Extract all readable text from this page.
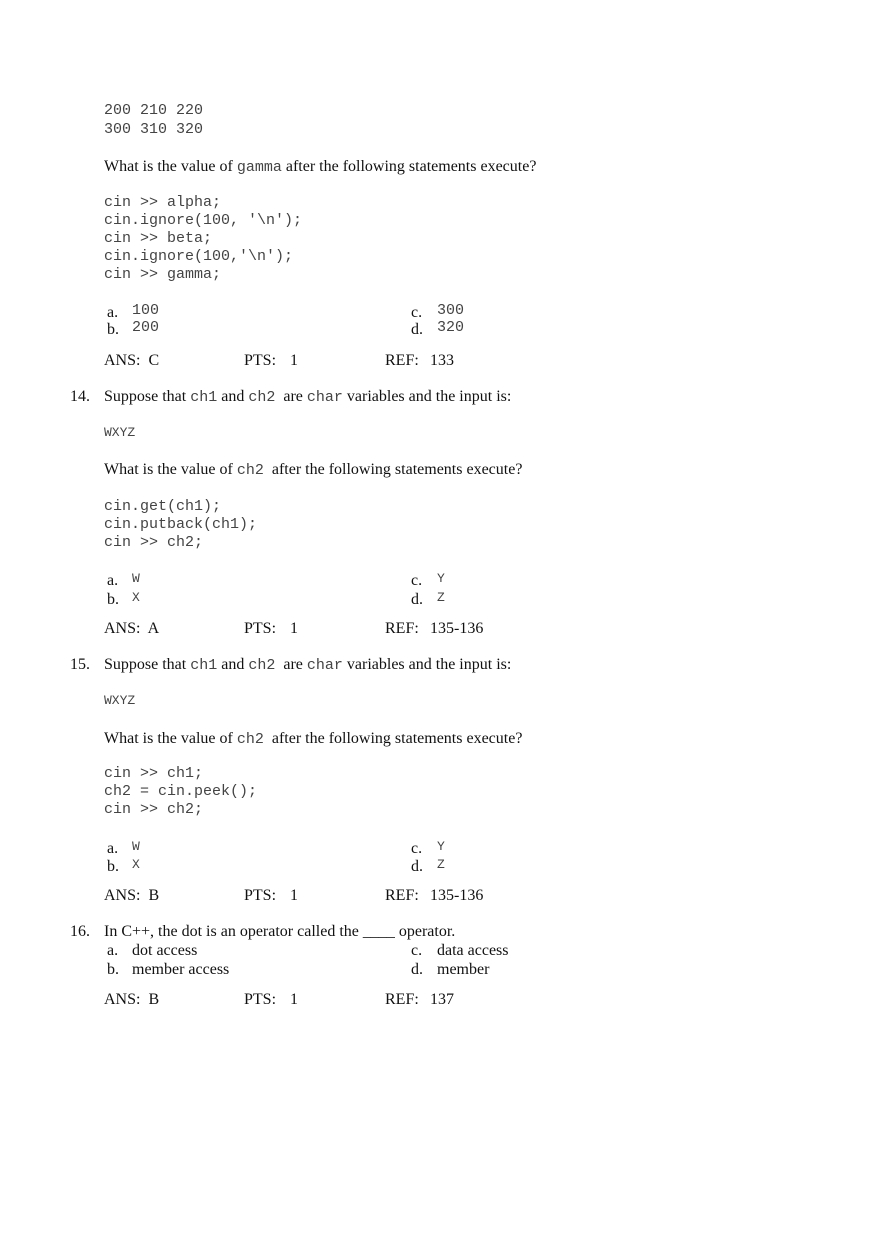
200 210 220
300 310 320
What is the value of gamma after the following statements execute?
cin >> alpha;
cin.ignore(100, '\n');
cin >> beta;
cin.ignore(100,'\n');
cin >> gamma;
a. 100
b. 200
c. 300
d. 320
ANS:  C	PTS: 1	REF: 133
14. Suppose that ch1 and ch2  are char variables and the input is:
WXYZ
What is the value of ch2  after the following statements execute?
cin.get(ch1);
cin.putback(ch1);
cin >> ch2;
a. W
b. X
c. Y
d. Z
ANS:  A	PTS: 1	REF: 135-136
15. Suppose that ch1 and ch2  are char variables and the input is:
WXYZ
What is the value of ch2  after the following statements execute?
cin >> ch1;
ch2 = cin.peek();
cin >> ch2;
a. W
b. X
c. Y
d. Z
ANS:  B	PTS: 1	REF: 135-136
16. In C++, the dot is an operator called the ____ operator.
a. dot access
b. member access
c. data access
d. member
ANS:  B	PTS: 1	REF: 137
